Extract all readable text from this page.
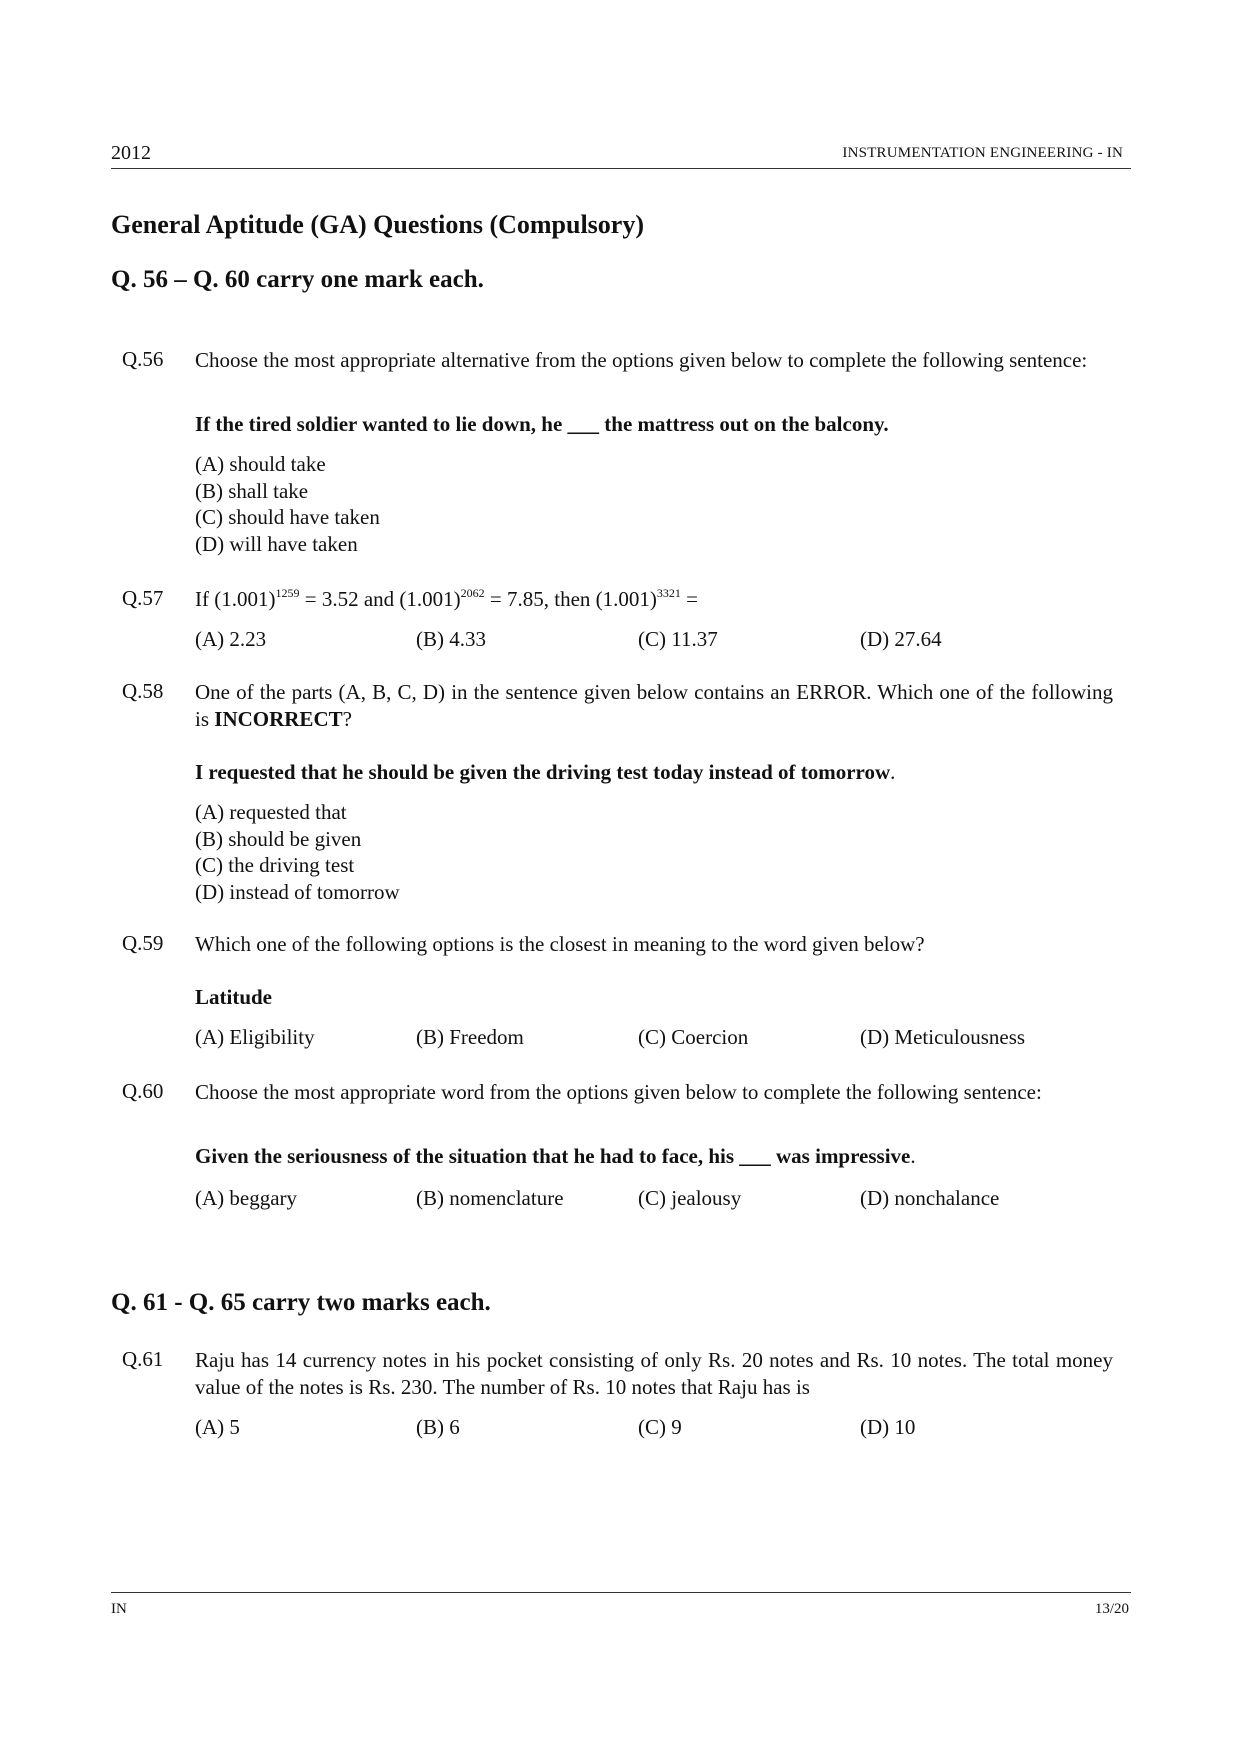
2012	INSTRUMENTATION ENGINEERING - IN
General Aptitude (GA) Questions (Compulsory)
Q. 56 – Q. 60 carry one mark each.
Q.56 Choose the most appropriate alternative from the options given below to complete the following sentence:
If the tired soldier wanted to lie down, he ___ the mattress out on the balcony.
(A) should take
(B) shall take
(C) should have taken
(D) will have taken
Q.57 If $(1.001)^{1259} = 3.52$ and $(1.001)^{2062} = 7.85$, then $(1.001)^{3321}$ =
(A) 2.23	(B) 4.33	(C) 11.37	(D) 27.64
Q.58 One of the parts (A, B, C, D) in the sentence given below contains an ERROR. Which one of the following is INCORRECT?
I requested that he should be given the driving test today instead of tomorrow.
(A) requested that
(B) should be given
(C) the driving test
(D) instead of tomorrow
Q.59 Which one of the following options is the closest in meaning to the word given below?
Latitude
(A) Eligibility	(B) Freedom	(C) Coercion	(D) Meticulousness
Q.60 Choose the most appropriate word from the options given below to complete the following sentence:
Given the seriousness of the situation that he had to face, his ___ was impressive.
(A) beggary	(B) nomenclature	(C) jealousy	(D) nonchalance
Q. 61 - Q. 65 carry two marks each.
Q.61 Raju has 14 currency notes in his pocket consisting of only Rs. 20 notes and Rs. 10 notes. The total money value of the notes is Rs. 230. The number of Rs. 10 notes that Raju has is
(A) 5	(B) 6	(C) 9	(D) 10
IN	13/20
